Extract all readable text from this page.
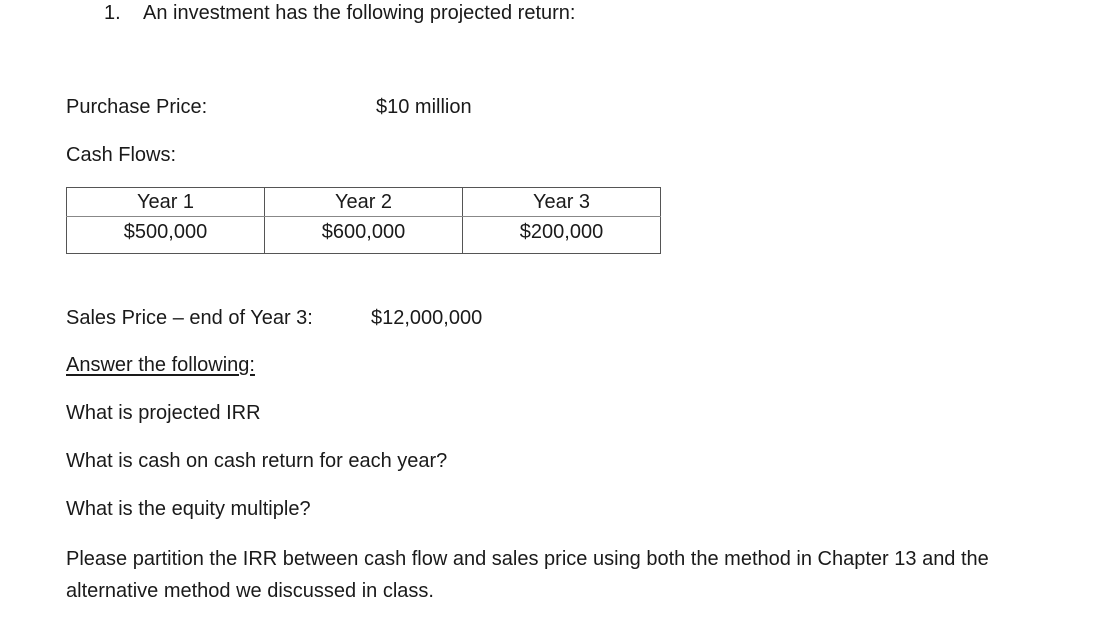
1. An investment has the following projected return:
Purchase Price:	$10 million
Cash Flows:
Year 1	Year 2	Year 3
$500,000	$600,000	$200,000
Sales Price – end of Year 3:	$12,000,000
Answer the following:
What is projected IRR
What is cash on cash return for each year?
What is the equity multiple?
Please partition the IRR between cash flow and sales price using both the method in Chapter 13 and the alternative method we discussed in class.
